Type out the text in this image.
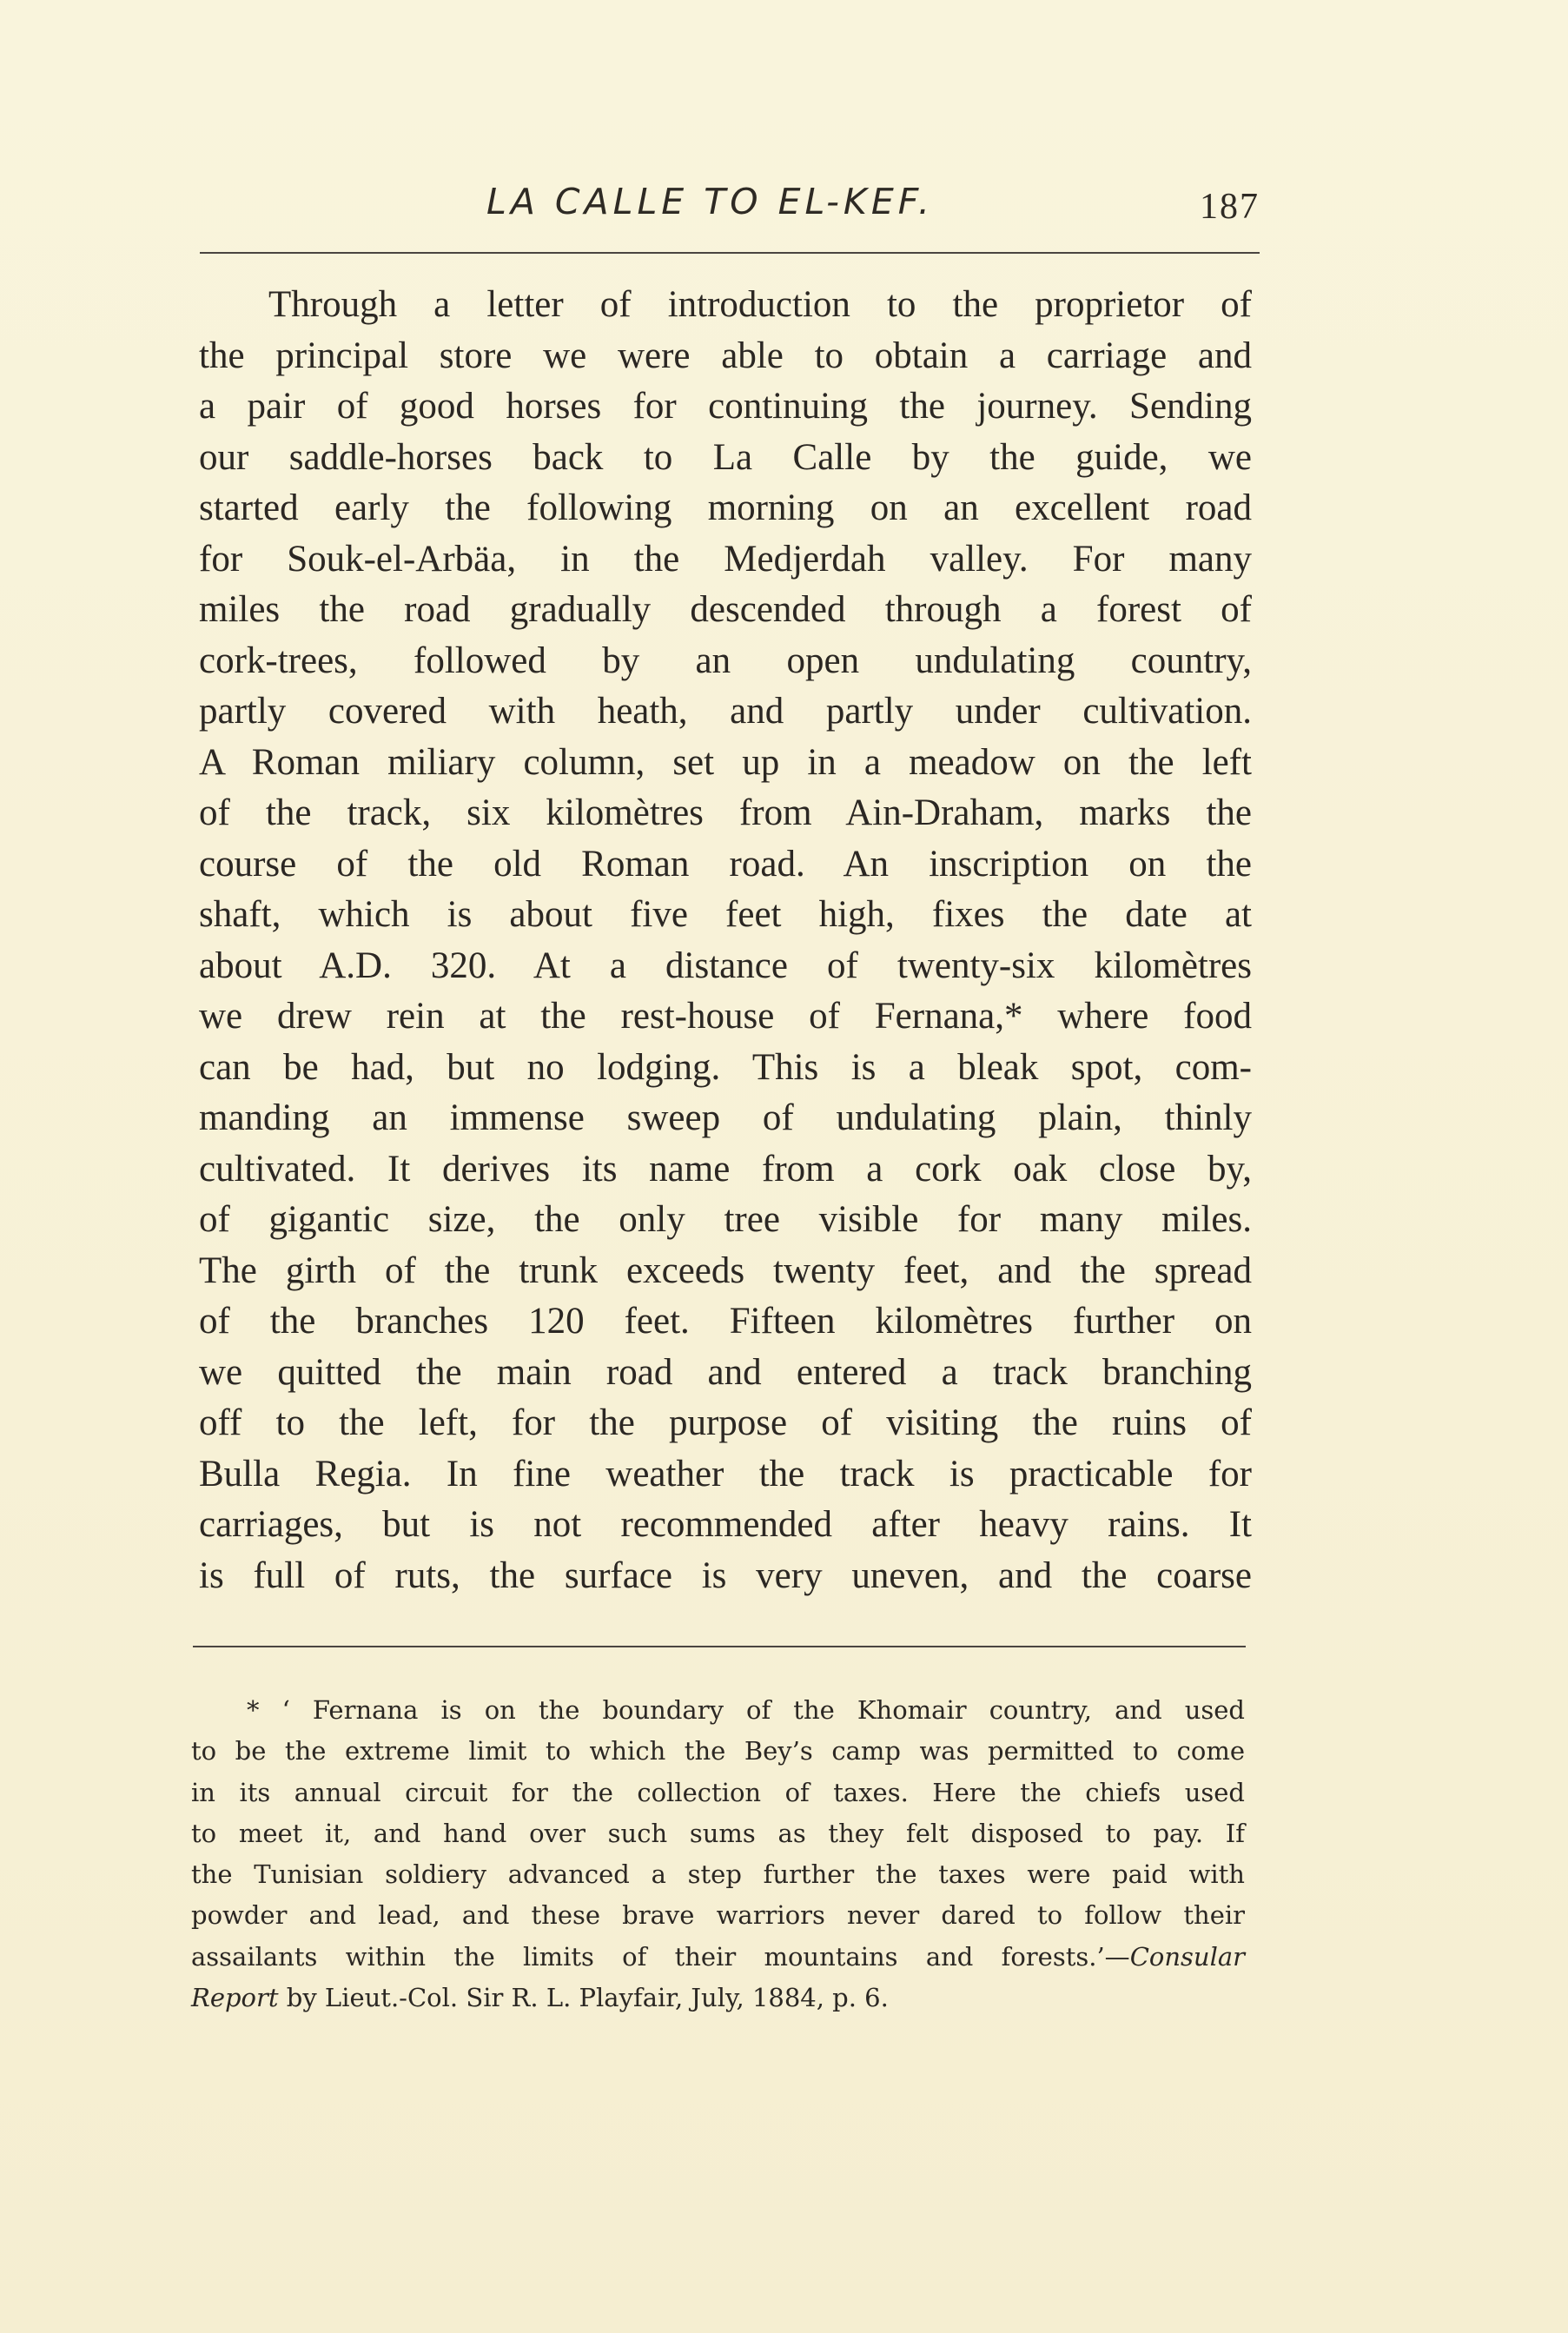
LA CALLE TO EL-KEF.	187
Through a letter of introduction to the proprietor of
the principal store we were able to obtain a carriage and
a pair of good horses for continuing the journey. Sending
our saddle-horses back to La Calle by the guide, we
started early the following morning on an excellent road
for Souk-el-Arbäa, in the Medjerdah valley. For many
miles the road gradually descended through a forest of
cork-trees, followed by an open undulating country,
partly covered with heath, and partly under cultivation.
A Roman miliary column, set up in a meadow on the left
of the track, six kilomètres from Ain-Draham, marks the
course of the old Roman road. An inscription on the
shaft, which is about five feet high, fixes the date at
about A.D. 320. At a distance of twenty-six kilomètres
we drew rein at the rest-house of Fernana,* where food
can be had, but no lodging. This is a bleak spot, com-
manding an immense sweep of undulating plain, thinly
cultivated. It derives its name from a cork oak close by,
of gigantic size, the only tree visible for many miles.
The girth of the trunk exceeds twenty feet, and the spread
of the branches 120 feet. Fifteen kilomètres further on
we quitted the main road and entered a track branching
off to the left, for the purpose of visiting the ruins of
Bulla Regia. In fine weather the track is practicable for
carriages, but is not recommended after heavy rains. It
is full of ruts, the surface is very uneven, and the coarse
* ‘ Fernana is on the boundary of the Khomair country, and used
to be the extreme limit to which the Bey’s camp was permitted to come
in its annual circuit for the collection of taxes. Here the chiefs used
to meet it, and hand over such sums as they felt disposed to pay. If
the Tunisian soldiery advanced a step further the taxes were paid with
powder and lead, and these brave warriors never dared to follow their
assailants within the limits of their mountains and forests.’—Consular
Report by Lieut.-Col. Sir R. L. Playfair, July, 1884, p. 6.
